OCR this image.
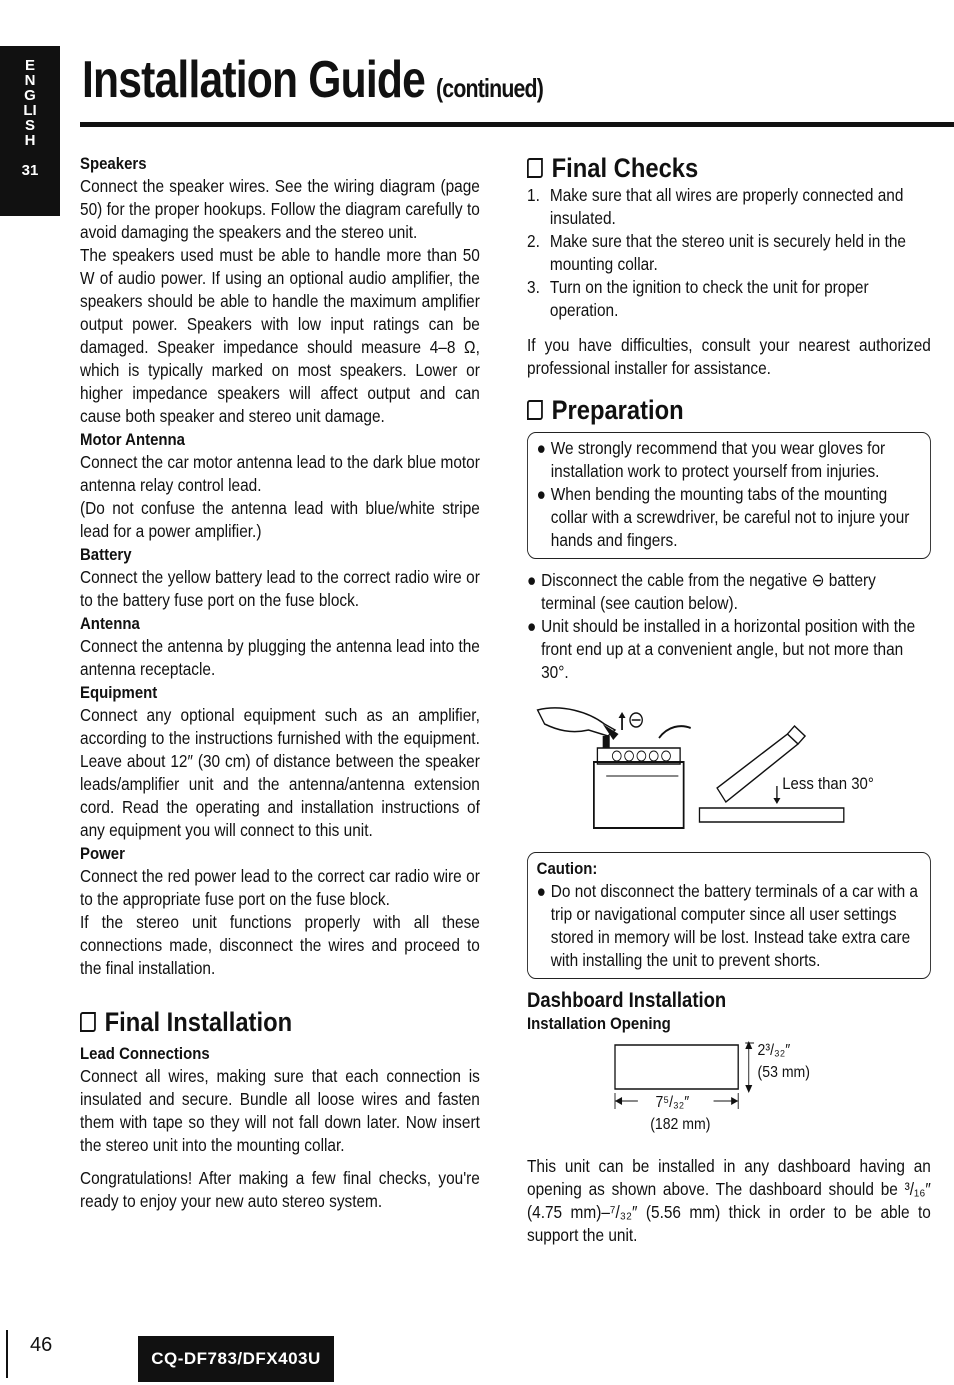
ENGLISH
31
Installation Guide (continued)
Speakers

Connect the speaker wires. See the wiring diagram (page 50) for the proper hookups. Follow the diagram carefully to avoid damaging the speakers and the stereo unit.

The speakers used must be able to handle more than 50 W of audio power. If using an optional audio amplifier, the speakers should be able to handle the maximum amplifier output power. Speakers with low input ratings can be damaged. Speaker impedance should measure 4–8 Ω, which is typically marked on most speakers. Lower or higher impedance speakers will affect output and can cause both speaker and stereo unit damage.

Motor Antenna

Connect the car motor antenna lead to the dark blue motor antenna relay control lead.

(Do not confuse the antenna lead with blue/white stripe lead for a power amplifier.)

Battery

Connect the yellow battery lead to the correct radio wire or to the battery fuse port on the fuse block.

Antenna

Connect the antenna by plugging the antenna lead into the antenna receptacle.

Equipment

Connect any optional equipment such as an amplifier, according to the instructions furnished with the equipment. Leave about 12″ (30 cm) of distance between the speaker leads/amplifier unit and the antenna/antenna extension cord. Read the operating and installation instructions of any equipment you will connect to this unit.

Power

Connect the red power lead to the correct car radio wire or to the appropriate fuse port on the fuse block.

If the stereo unit functions properly with all these connections made, disconnect the wires and proceed to the final installation.

Final Installation
Lead Connections

Connect all wires, making sure that each connection is insulated and secure. Bundle all loose wires and fasten them with tape so they will not fall down later. Now insert the stereo unit into the mounting collar.

Congratulations! After making a few final checks, you're ready to enjoy your new auto stereo system.

Final Checks
1. Make sure that all wires are properly connected and insulated.
2. Make sure that the stereo unit is securely held in the mounting collar.
3. Turn on the ignition to check the unit for proper operation.

If you have difficulties, consult your nearest authorized professional installer for assistance.

Preparation
● We strongly recommend that you wear gloves for installation work to protect yourself from injuries.
● When bending the mounting tabs of the mounting collar with a screwdriver, be careful not to injure your hands and fingers.
● Disconnect the cable from the negative ⊖ battery terminal (see caution below).
● Unit should be installed in a horizontal position with the front end up at a convenient angle, but not more than 30°.
Less than 30°
Caution:
● Do not disconnect the battery terminals of a car with a trip or navigational computer since all user settings stored in memory will be lost. Instead take extra care with installing the unit to prevent shorts.
Dashboard Installation
Installation Opening
2³/₃₂″
(53 mm)
7⁵/₃₂″
(182 mm)

This unit can be installed in any dashboard having an opening as shown above. The dashboard should be ³/₁₆″ (4.75 mm)–⁷/₃₂″ (5.56 mm) thick in order to be able to support the unit.

46
CQ-DF783/DFX403U
